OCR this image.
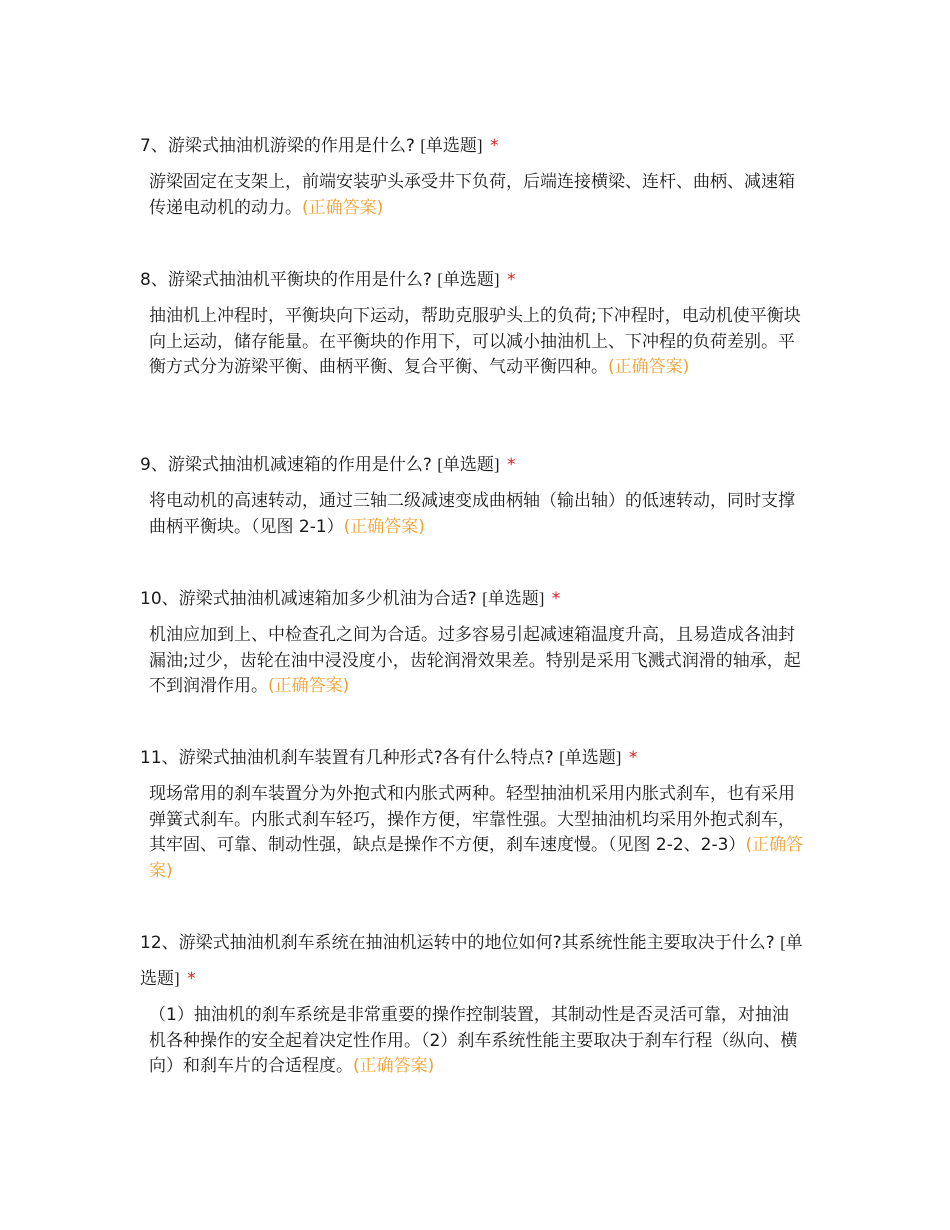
7、游梁式抽油机游梁的作用是什么? [单选题] *

游梁固定在支架上，前端安装驴头承受井下负荷，后端连接横梁、连杆、曲柄、减速箱传递电动机的动力。(正确答案)

8、游梁式抽油机平衡块的作用是什么? [单选题] *

抽油机上冲程时，平衡块向下运动，帮助克服驴头上的负荷;下冲程时，电动机使平衡块向上运动，储存能量。在平衡块的作用下，可以减小抽油机上、下冲程的负荷差别。平衡方式分为游梁平衡、曲柄平衡、复合平衡、气动平衡四种。(正确答案)

9、游梁式抽油机减速箱的作用是什么? [单选题] *

将电动机的高速转动，通过三轴二级减速变成曲柄轴（输出轴）的低速转动，同时支撑曲柄平衡块。（见图 2-1）(正确答案)

10、游梁式抽油机减速箱加多少机油为合适? [单选题] *

机油应加到上、中检查孔之间为合适。过多容易引起减速箱温度升高，且易造成各油封漏油;过少，齿轮在油中浸没度小，齿轮润滑效果差。特别是采用飞溅式润滑的轴承，起不到润滑作用。(正确答案)

11、游梁式抽油机刹车装置有几种形式?各有什么特点? [单选题] *

现场常用的刹车装置分为外抱式和内胀式两种。轻型抽油机采用内胀式刹车，也有采用弹簧式刹车。内胀式刹车轻巧，操作方便，牢靠性强。大型抽油机均采用外抱式刹车，其牢固、可靠、制动性强，缺点是操作不方便，刹车速度慢。（见图 2-2、2-3）(正确答案)

12、游梁式抽油机刹车系统在抽油机运转中的地位如何?其系统性能主要取决于什么? [单选题] *

（1）抽油机的刹车系统是非常重要的操作控制装置，其制动性是否灵活可靠，对抽油机各种操作的安全起着决定性作用。（2）刹车系统性能主要取决于刹车行程（纵向、横向）和刹车片的合适程度。(正确答案)
